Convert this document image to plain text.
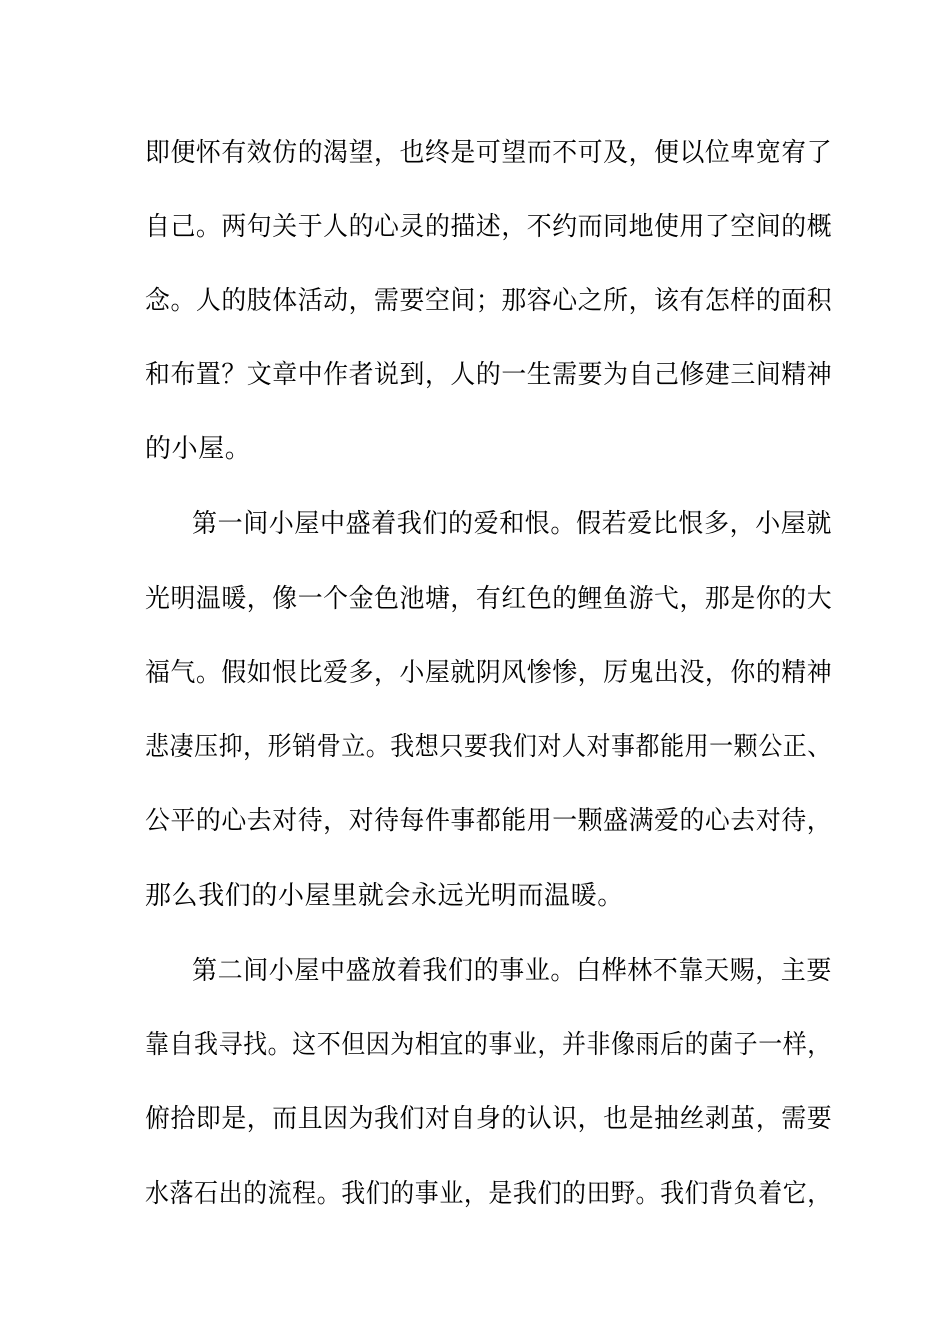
即便怀有效仿的渴望，也终是可望而不可及，便以位卑宽宥了
自己。两句关于人的心灵的描述，不约而同地使用了空间的概
念。人的肢体活动，需要空间；那容心之所，该有怎样的面积
和布置？文章中作者说到，人的一生需要为自己修建三间精神
的小屋。
第一间小屋中盛着我们的爱和恨。假若爱比恨多，小屋就
光明温暖，像一个金色池塘，有红色的鲤鱼游弋，那是你的大
福气。假如恨比爱多，小屋就阴风惨惨，厉鬼出没，你的精神
悲凄压抑，形销骨立。我想只要我们对人对事都能用一颗公正、
公平的心去对待，对待每件事都能用一颗盛满爱的心去对待，
那么我们的小屋里就会永远光明而温暖。
第二间小屋中盛放着我们的事业。白桦林不靠天赐，主要
靠自我寻找。这不但因为相宜的事业，并非像雨后的菌子一样，
俯拾即是，而且因为我们对自身的认识，也是抽丝剥茧，需要
水落石出的流程。我们的事业，是我们的田野。我们背负着它，
